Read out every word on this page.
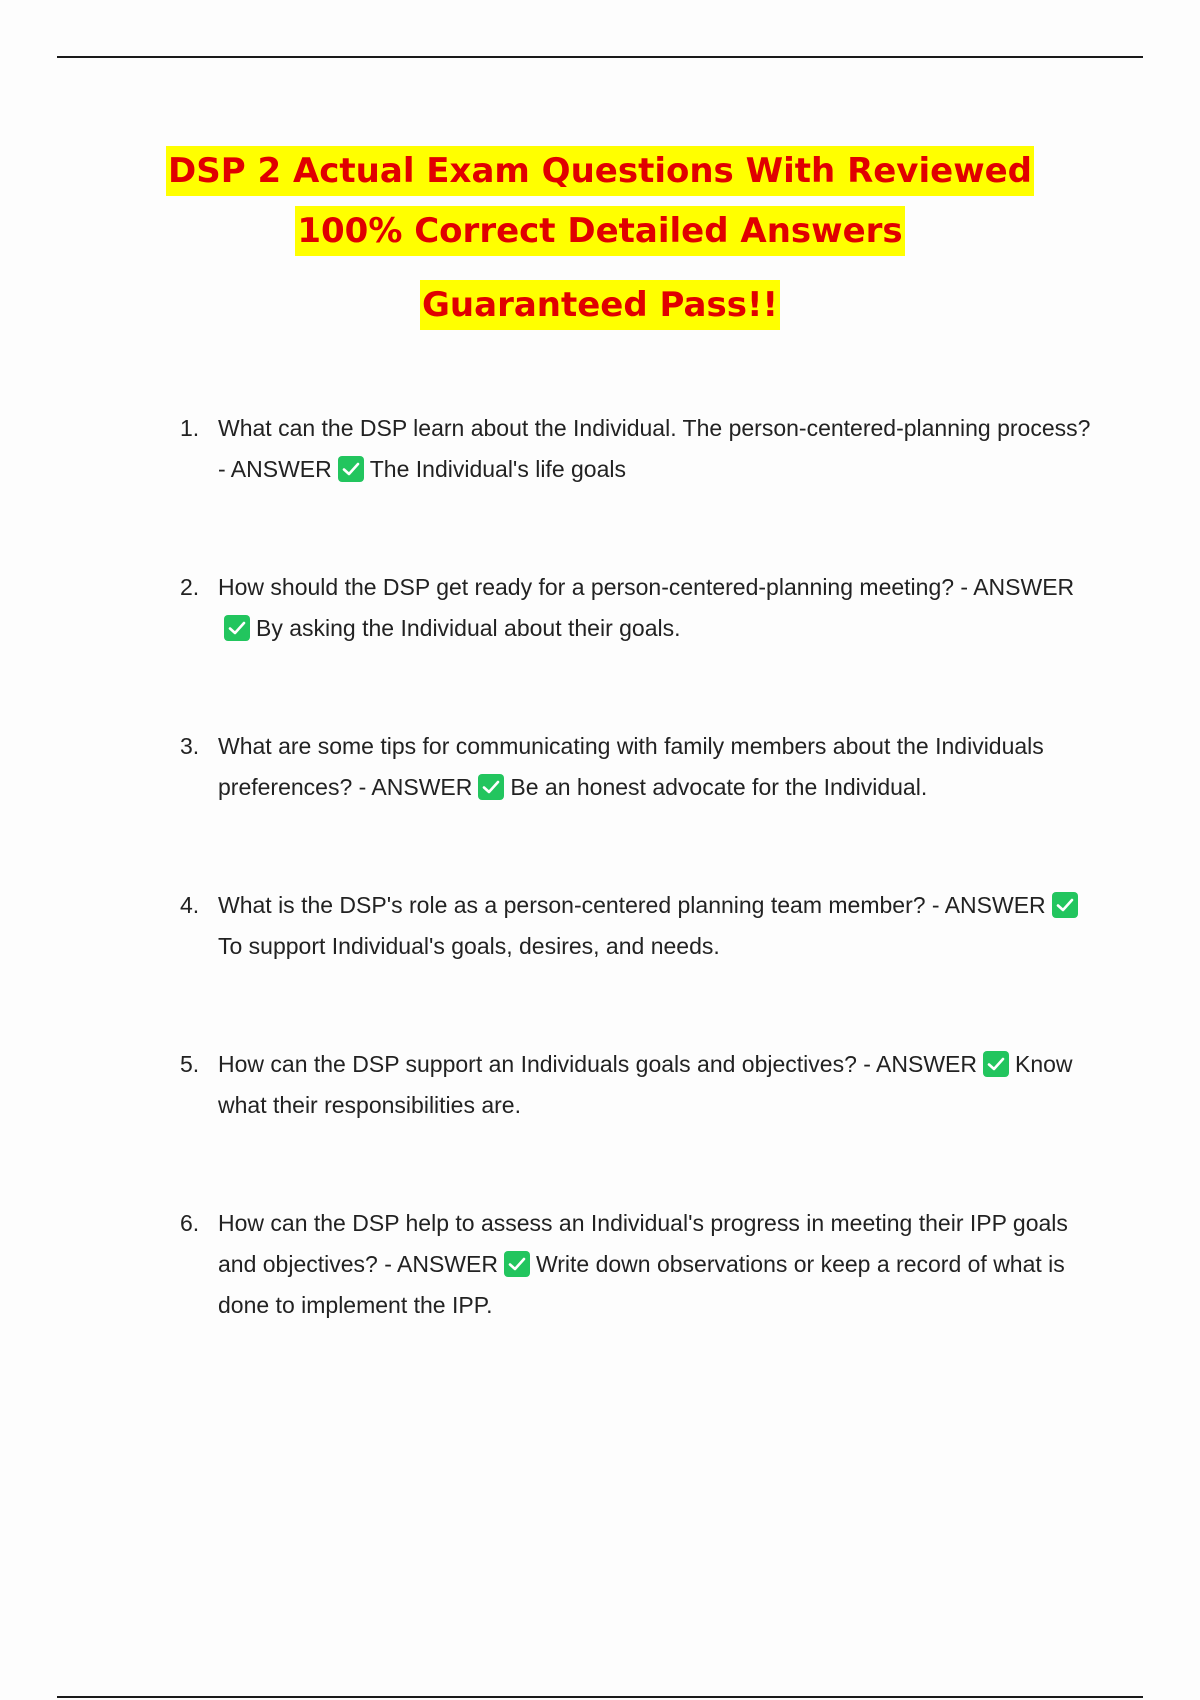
DSP 2 Actual Exam Questions With Reviewed
100% Correct Detailed Answers
Guaranteed Pass!!
1. What can the DSP learn about the Individual. The person-centered-planning process? - ANSWER The Individual's life goals
2. How should the DSP get ready for a person-centered-planning meeting? - ANSWER
By asking the Individual about their goals.
3. What are some tips for communicating with family members about the Individuals preferences? - ANSWER Be an honest advocate for the Individual.
4. What is the DSP's role as a person-centered planning team member? - ANSWER
To support Individual's goals, desires, and needs.
5. How can the DSP support an Individuals goals and objectives? - ANSWER Know what their responsibilities are.
6. How can the DSP help to assess an Individual's progress in meeting their IPP goals and objectives? - ANSWER Write down observations or keep a record of what is done to implement the IPP.
